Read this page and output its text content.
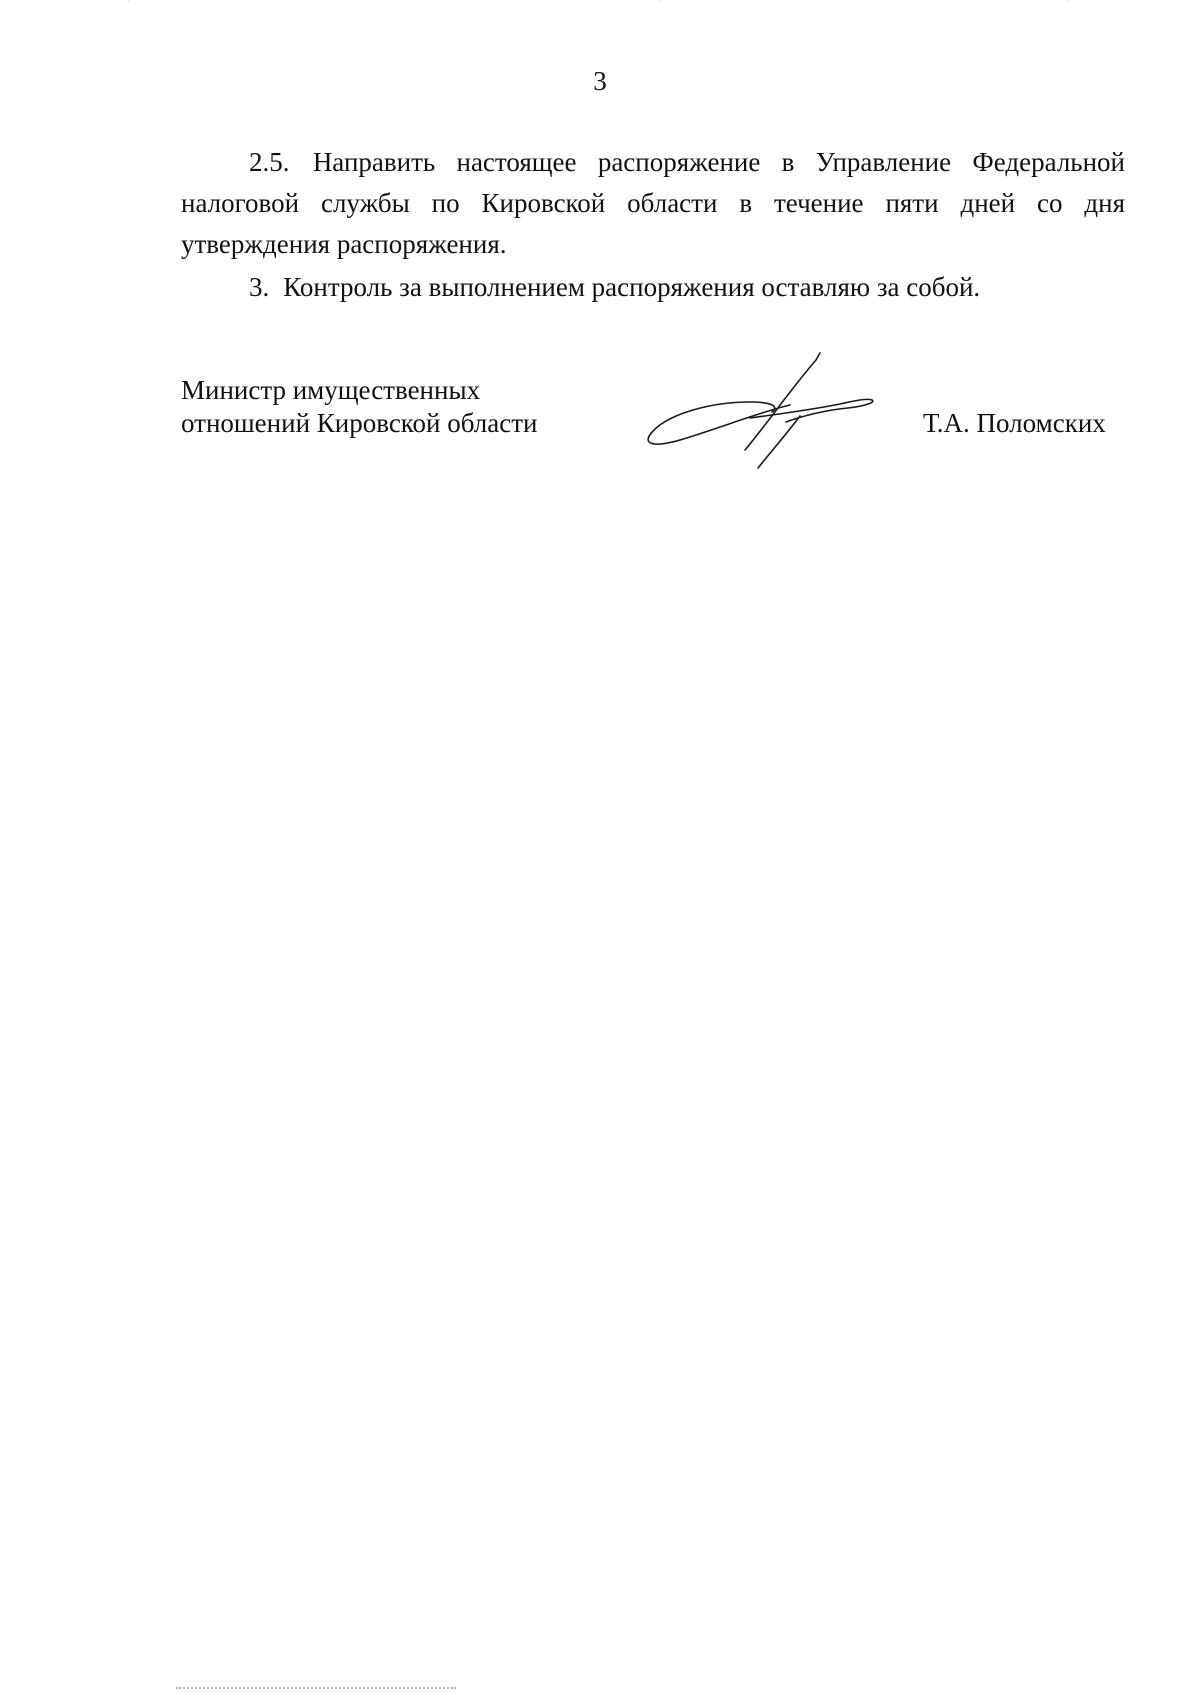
3
2.5. Направить настоящее распоряжение в Управление Федеральной налоговой службы по Кировской области в течение пяти дней со дня утверждения распоряжения.
3. Контроль за выполнением распоряжения оставляю за собой.
Министр имущественных
отношений Кировской области	Т.А. Поломских
